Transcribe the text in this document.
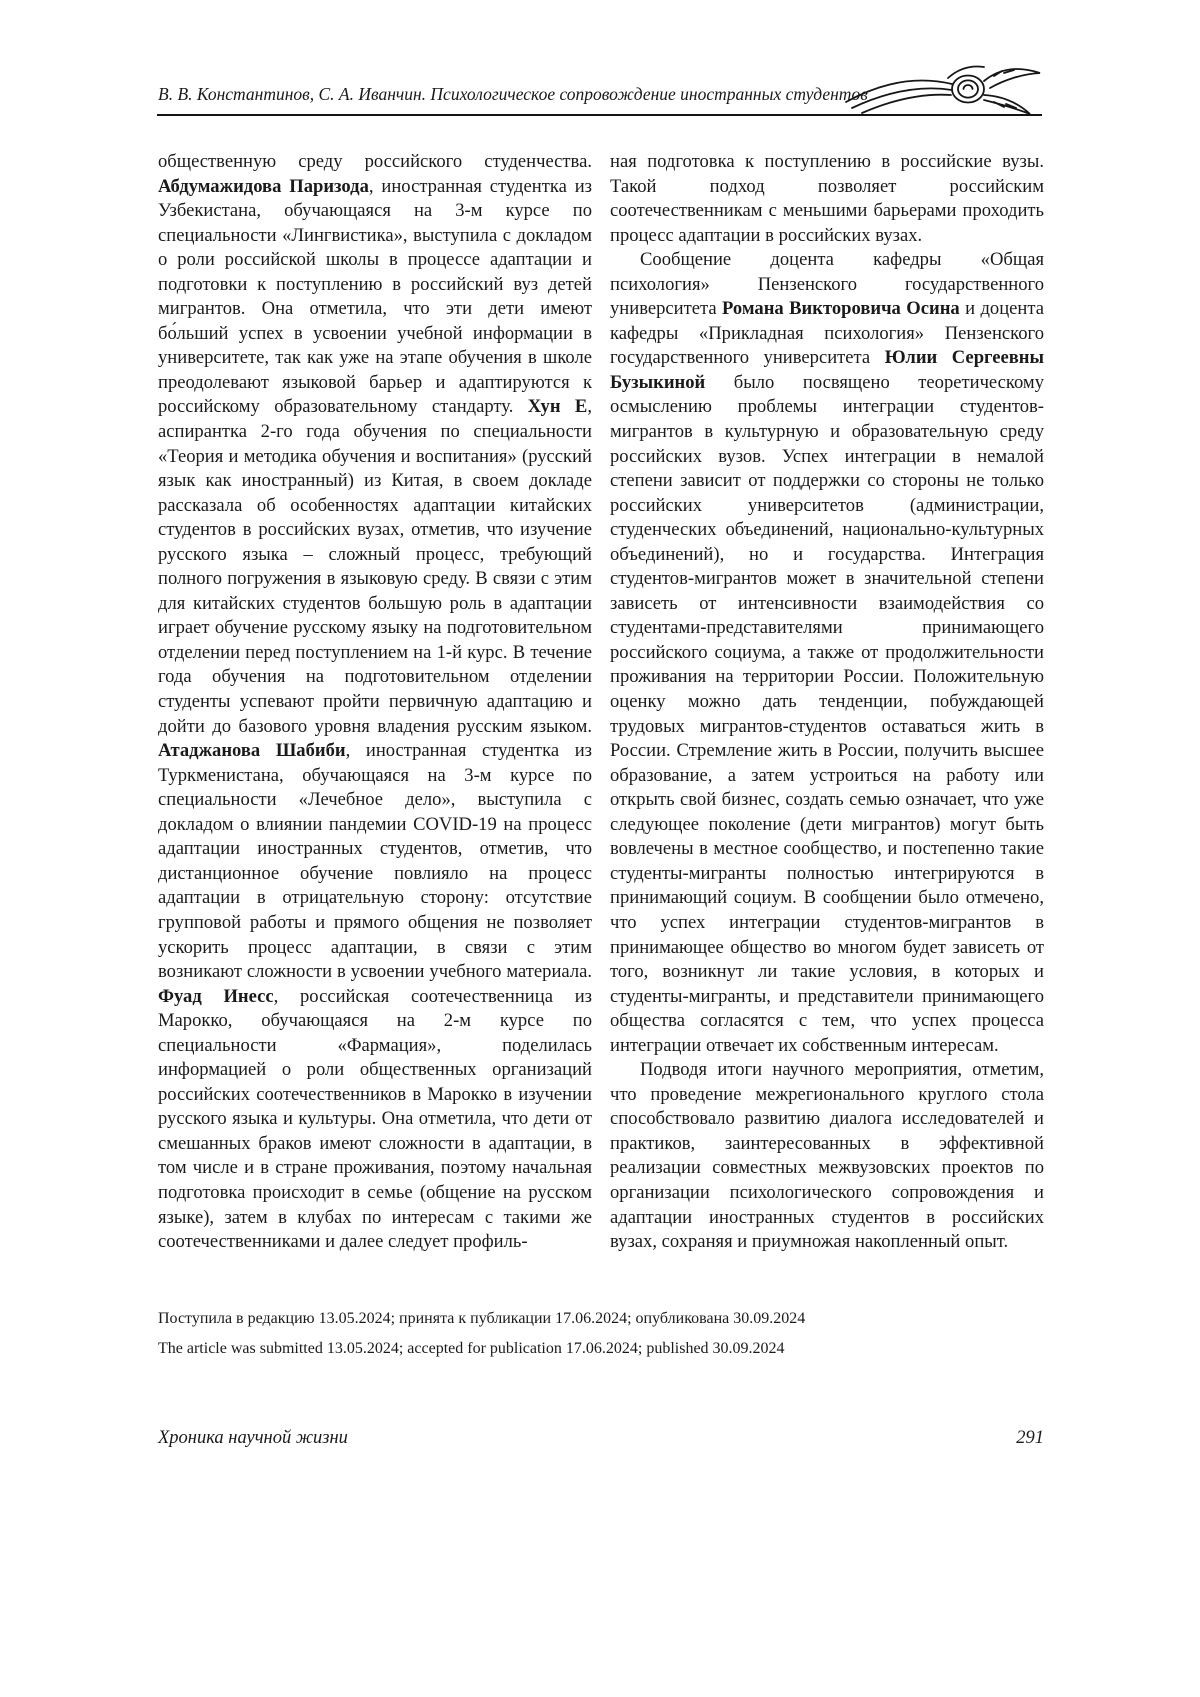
В. В. Константинов, С. А. Иванчин. Психологическое сопровождение иностранных студентов

общественную среду российского студенчества. Абдумажидова Паризода, иностранная студентка из Узбекистана, обучающаяся на 3-м курсе по специальности «Лингвистика», выступила с докладом о роли российской школы в процессе адаптации и подготовки к поступлению в российский вуз детей мигрантов. Она отметила, что эти дети имеют бо́льший успех в усвоении учебной информации в университете, так как уже на этапе обучения в школе преодолевают языковой барьер и адаптируются к российскому образовательному стандарту. Хун Е, аспирантка 2-го года обучения по специальности «Теория и методика обучения и воспитания» (русский язык как иностранный) из Китая, в своем докладе рассказала об особенностях адаптации китайских студентов в российских вузах, отметив, что изучение русского языка – сложный процесс, требующий полного погружения в языковую среду. В связи с этим для китайских студентов большую роль в адаптации играет обучение русскому языку на подготовительном отделении перед поступлением на 1-й курс. В течение года обучения на подготовительном отделении студенты успевают пройти первичную адаптацию и дойти до базового уровня владения русским языком. Атаджанова Шабиби, иностранная студентка из Туркменистана, обучающаяся на 3-м курсе по специальности «Лечебное дело», выступила с докладом о влиянии пандемии COVID-19 на процесс адаптации иностранных студентов, отметив, что дистанционное обучение повлияло на процесс адаптации в отрицательную сторону: отсутствие групповой работы и прямого общения не позволяет ускорить процесс адаптации, в связи с этим возникают сложности в усвоении учебного материала. Фуад Инесс, российская соотечественница из Марокко, обучающаяся на 2-м курсе по специальности «Фармация», поделилась информацией о роли общественных организаций российских соотечественников в Марокко в изучении русского языка и культуры. Она отметила, что дети от смешанных браков имеют сложности в адаптации, в том числе и в стране проживания, поэтому начальная подготовка происходит в семье (общение на русском языке), затем в клубах по интересам с такими же соотечественниками и далее следует профиль-

ная подготовка к поступлению в российские вузы. Такой подход позволяет российским соотечественникам с меньшими барьерами проходить процесс адаптации в российских вузах.

Сообщение доцента кафедры «Общая психология» Пензенского государственного университета Романа Викторовича Осина и доцента кафедры «Прикладная психология» Пензенского государственного университета Юлии Сергеевны Бузыкиной было посвящено теоретическому осмыслению проблемы интеграции студентов-мигрантов в культурную и образовательную среду российских вузов. Успех интеграции в немалой степени зависит от поддержки со стороны не только российских университетов (администрации, студенческих объединений, национально-культурных объединений), но и государства. Интеграция студентов-мигрантов может в значительной степени зависеть от интенсивности взаимодействия со студентами-представителями принимающего российского социума, а также от продолжительности проживания на территории России. Положительную оценку можно дать тенденции, побуждающей трудовых мигрантов-студентов оставаться жить в России. Стремление жить в России, получить высшее образование, а затем устроиться на работу или открыть свой бизнес, создать семью означает, что уже следующее поколение (дети мигрантов) могут быть вовлечены в местное сообщество, и постепенно такие студенты-мигранты полностью интегрируются в принимающий социум. В сообщении было отмечено, что успех интеграции студентов-мигрантов в принимающее общество во многом будет зависеть от того, возникнут ли такие условия, в которых и студенты-мигранты, и представители принимающего общества согласятся с тем, что успех процесса интеграции отвечает их собственным интересам.

Подводя итоги научного мероприятия, отметим, что проведение межрегионального круглого стола способствовало развитию диалога исследователей и практиков, заинтересованных в эффективной реализации совместных межвузовских проектов по организации психологического сопровождения и адаптации иностранных студентов в российских вузах, сохраняя и приумножая накопленный опыт.

Поступила в редакцию 13.05.2024; принята к публикации 17.06.2024; опубликована 30.09.2024
The article was submitted 13.05.2024; accepted for publication 17.06.2024; published 30.09.2024
Хроника научной жизни	291
